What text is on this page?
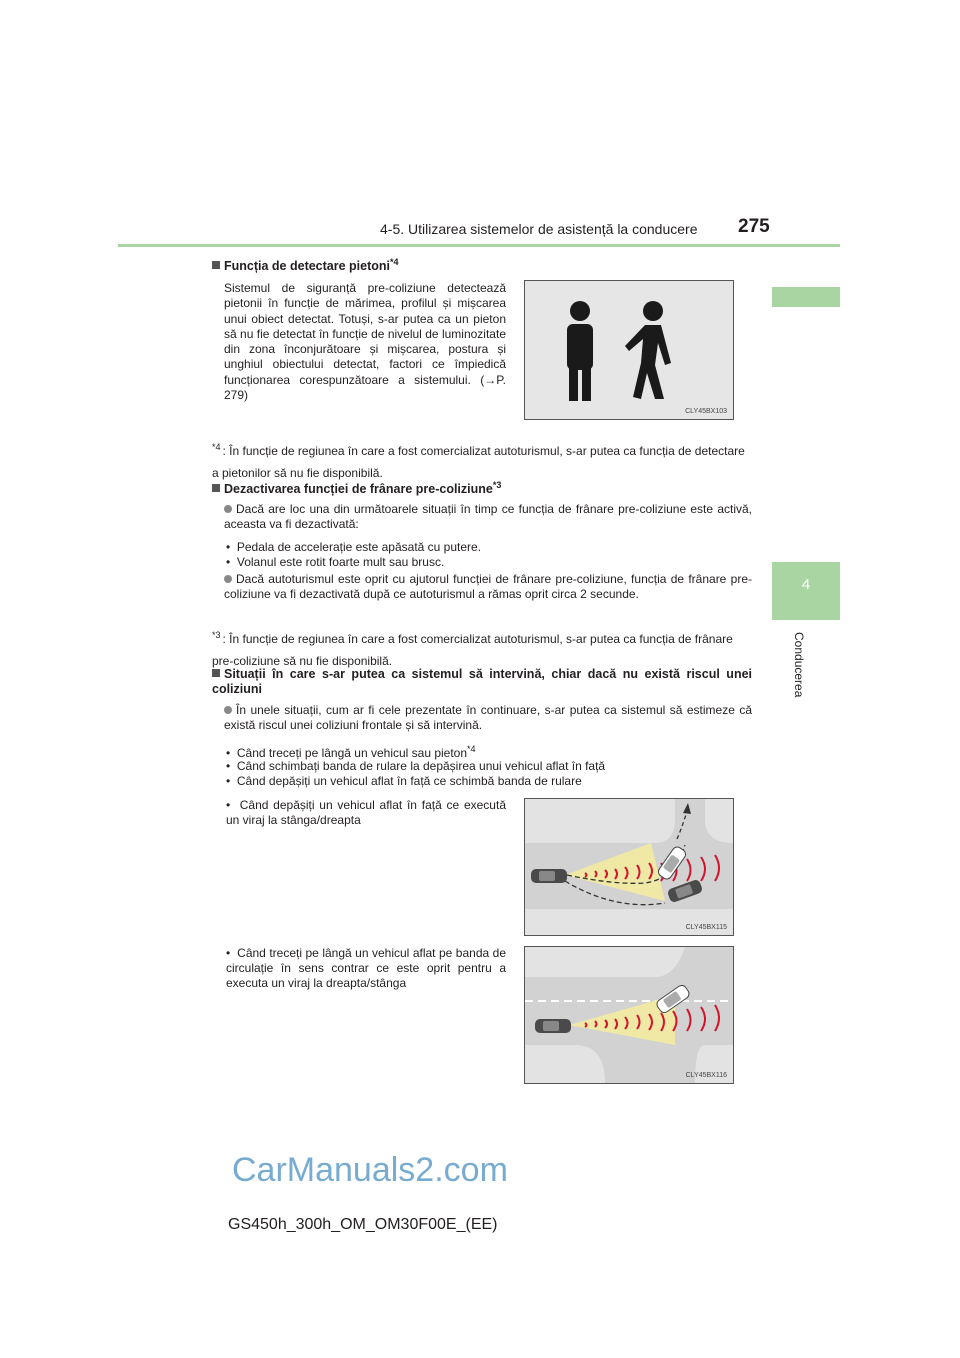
4-5. Utilizarea sistemelor de asistență la conducere 275
4
Conducerea
Funcția de detectare pietoni$^{*4}$
Sistemul de siguranță pre-coliziune detectează pietonii în funcție de mărimea, profilul și mișcarea unui obiect detectat. Totuși, s-ar putea ca un pieton să nu fie detectat în funcție de nivelul de luminozitate din zona înconjurătoare și mișcarea, postura și unghiul obiectului detectat, factori ce împiedică funcționarea corespunzătoare a sistemului. (→P. 279)
CLY45BX103
$^{*4}$ : În funcție de regiunea în care a fost comercializat autoturismul, s-ar putea ca funcția de detectare a pietonilor să nu fie disponibilă.
Dezactivarea funcției de frânare pre-coliziune$^{*3}$
Dacă are loc una din următoarele situații în timp ce funcția de frânare pre-coliziune este activă, aceasta va fi dezactivată:
•  Pedala de accelerație este apăsată cu putere.
•  Volanul este rotit foarte mult sau brusc.
Dacă autoturismul este oprit cu ajutorul funcției de frânare pre-coliziune, funcția de frânare pre-coliziune va fi dezactivată după ce autoturismul a rămas oprit circa 2 secunde.
$^{*3}$ : În funcție de regiunea în care a fost comercializat autoturismul, s-ar putea ca funcția de frânare pre-coliziune să nu fie disponibilă.
Situații în care s-ar putea ca sistemul să intervină, chiar dacă nu există riscul unei coliziuni
În unele situații, cum ar fi cele prezentate în continuare, s-ar putea ca sistemul să estimeze că există riscul unei coliziuni frontale și să intervină.
•  Când treceți pe lângă un vehicul sau pieton$^{*4}$
•  Când schimbați banda de rulare la depășirea unui vehicul aflat în față
•  Când depășiți un vehicul aflat în față ce schimbă banda de rulare
•  Când depășiți un vehicul aflat în față ce execută un viraj la stânga/dreapta
CLY45BX115
•  Când treceți pe lângă un vehicul aflat pe banda de circulație în sens contrar ce este oprit pentru a executa un viraj la dreapta/stânga
CLY45BX116
CarManuals2.com
GS450h_300h_OM_OM30F00E_(EE)
carmanualsonline.info
